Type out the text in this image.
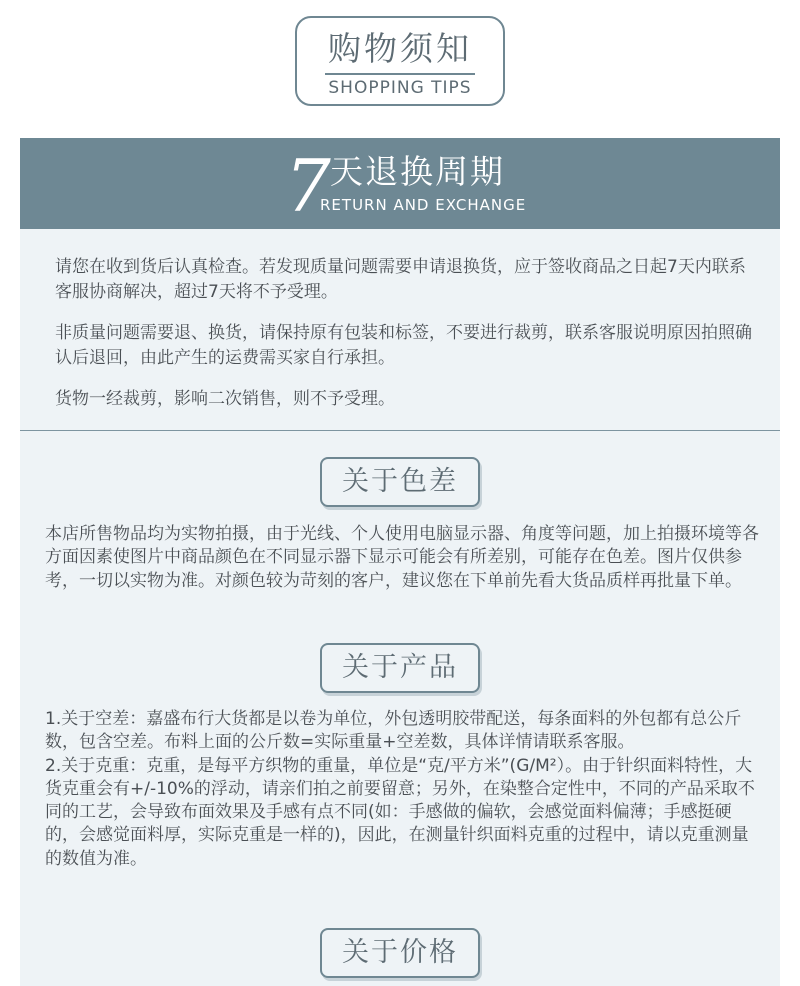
购物须知
SHOPPING TIPS
7 天退换周期
RETURN AND EXCHANGE

请您在收到货后认真检查。若发现质量问题需要申请退换货，应于签收商品之日起7天内联系客服协商解决，超过7天将不予受理。

非质量问题需要退、换货，请保持原有包装和标签，不要进行裁剪，联系客服说明原因拍照确认后退回，由此产生的运费需买家自行承担。

货物一经裁剪，影响二次销售，则不予受理。

关于色差
本店所售物品均为实物拍摄，由于光线、个人使用电脑显示器、角度等问题，加上拍摄环境等各方面因素使图片中商品颜色在不同显示器下显示可能会有所差别，可能存在色差。图片仅供参考，一切以实物为准。对颜色较为苛刻的客户，建议您在下单前先看大货品质样再批量下单。
关于产品

1.关于空差：嘉盛布行大货都是以卷为单位，外包透明胶带配送，每条面料的外包都有总公斤数，包含空差。布料上面的公斤数=实际重量+空差数，具体详情请联系客服。

2.关于克重：克重，是每平方织物的重量，单位是“克/平方米”(G/M²）。由于针织面料特性，大货克重会有+/-10%的浮动，请亲们拍之前要留意；另外，在染整合定性中，不同的产品采取不同的工艺，会导致布面效果及手感有点不同(如：手感做的偏软，会感觉面料偏薄；手感挺硬的，会感觉面料厚，实际克重是一样的)，因此，在测量针织面料克重的过程中，请以克重测量的数值为准。

关于价格
